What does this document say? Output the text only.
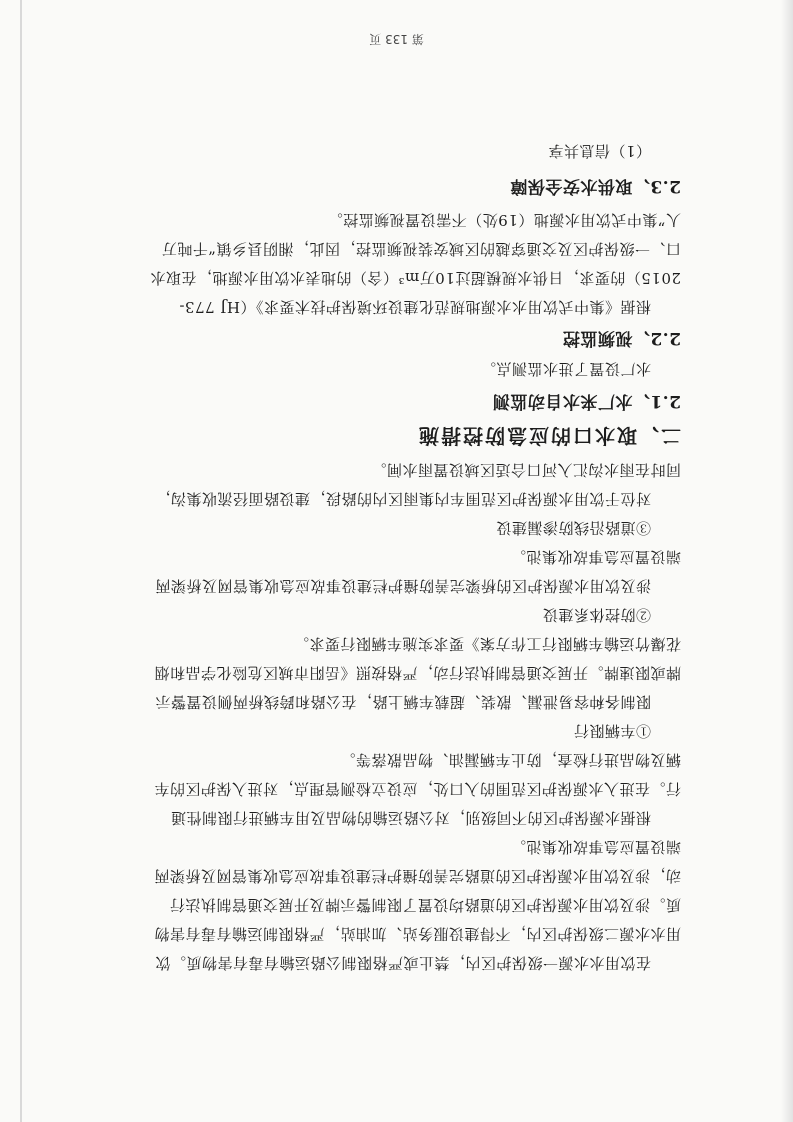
在饮用水水源一级保护区内，禁止或严格限制公路运输有毒有害物质。饮
用水水源二级保护区内，不得建设服务站、加油站，严格限制运输有毒有害物
质。涉及饮用水源保护区的道路均设置了限制警示牌及开展交通管制执法行
动，涉及饮用水源保护区的道路完善防撞护栏建设事故应急收集管网及桥梁两
端设置应急事故收集池。
根据水源保护区的不同级别，对公路运输的物品及用车辆进行限制性通
行。在进入水源保护区范围的入口处，应设立检测管理点，对进入保护区的车
辆及物品进行检查，防止车辆漏油、物品散落等。
①车辆限行
限制各种容易泄漏、散装、超载车辆上路，在公路和跨线桥两侧设置警示
牌或限速牌。开展交通管制执法行动，严格按照《岳阳市城区危险化学品和烟
花爆竹运输车辆限行工作方案》要求实施车辆限行要求。
②防控体系建设
涉及饮用水源保护区的桥梁完善防撞护栏建设事故应急收集管网及桥梁两
端设置应急事故收集池。
③道路沿线防渗漏建设
对位于饮用水源保护区范围车内集雨区内的路段，建设路面径流收集沟，
同时在雨水沟汇入河口合适区域设置雨水闸。
二、取水口的应急防控措施
2.1、水厂来水自动监测
水厂设置了进水监测点。
2.2、视频监控
根据《集中式饮用水水源地规范化建设环境保护技术要求》（HJ 773-
2015）的要求，日供水规模超过10万m³（含）的地表水饮用水源地，在取水
口、一级保护区及交通穿越的区域安装视频监控，因此，湘阴县乡镇“千吨万
人”集中式饮用水源地（19处）不需设置视频监控。
2.3、取供水安全保障
（1）信息共享
第 133 页
